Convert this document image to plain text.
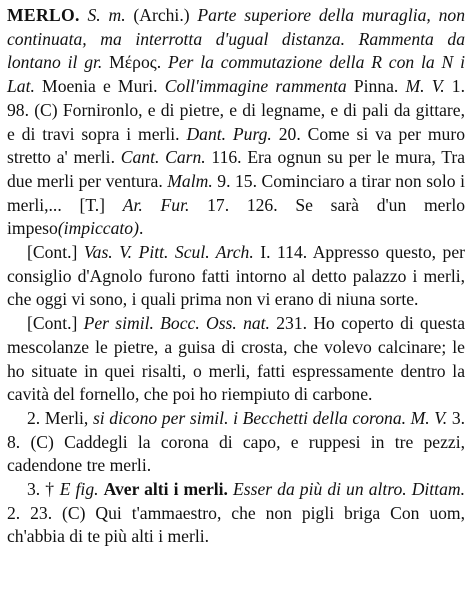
MERLO. S. m. (Archi.) Parte superiore della muraglia, non continuata, ma interrotta d'ugual distanza. Rammenta da lontano il gr. Μέρος. Per la commutazione della R con la N i Lat. Moenia e Muri. Coll'immagine rammenta Pinna. M. V. 1. 98. (C) Fornironlo, e di pietre, e di legname, e di pali da gittare, e di travi sopra i merli. Dant. Purg. 20. Come si va per muro stretto a' merli. Cant. Carn. 116. Era ognun su per le mura, Tra due merli per ventura. Malm. 9. 15. Cominciaro a tirar non solo i merli,... [T.] Ar. Fur. 17. 126. Se sarà d'un merlo impeso(impiccato).

[Cont.] Vas. V. Pitt. Scul. Arch. I. 114. Appresso questo, per consiglio d'Agnolo furono fatti intorno al detto palazzo i merli, che oggi vi sono, i quali prima non vi erano di niuna sorte.

[Cont.] Per simil. Bocc. Oss. nat. 231. Ho coperto di questa mescolanze le pietre, a guisa di crosta, che volevo calcinare; le ho situate in quei risalti, o merli, fatti espressamente dentro la cavità del fornello, che poi ho riempiuto di carbone.

2. Merli, si dicono per simil. i Becchetti della corona. M. V. 3. 8. (C) Caddegli la corona di capo, e ruppesi in tre pezzi, cadendone tre merli.

3. † E fig. Aver alti i merli. Esser da più di un altro. Dittam. 2. 23. (C) Qui t'ammaestro, che non pigli briga Con uom, ch'abbia di te più alti i merli.
